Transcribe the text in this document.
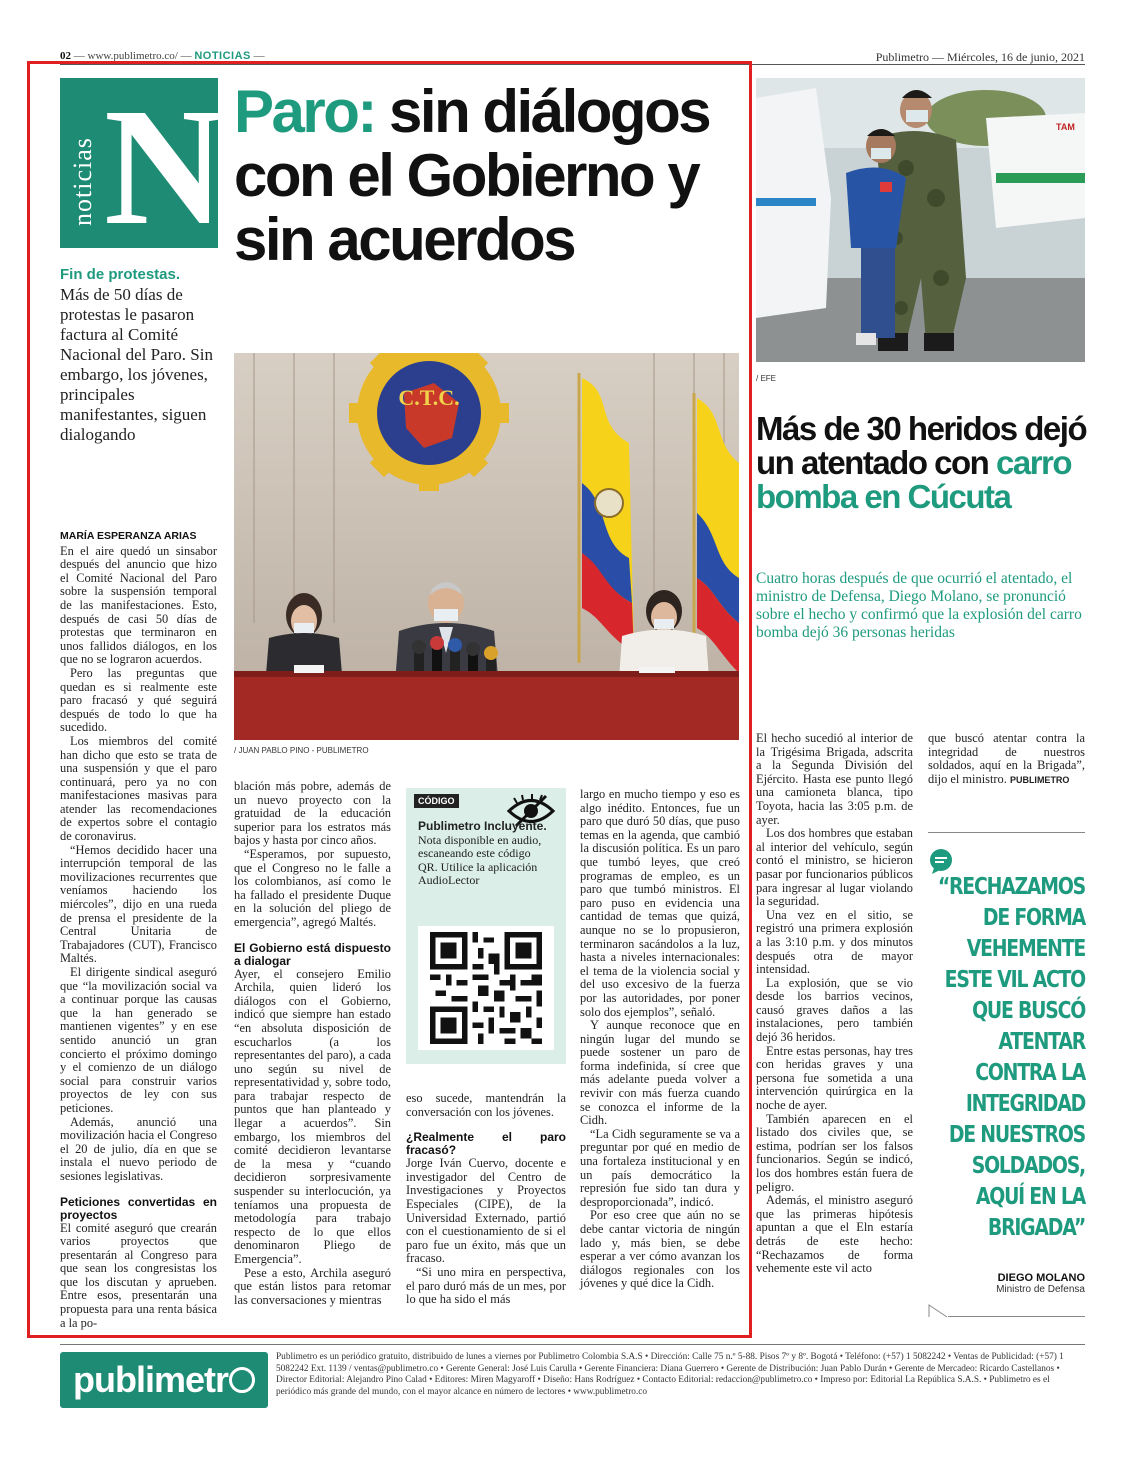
02 — www.publimetro.co/ — NOTICIAS —	Publimetro — Miércoles, 16 de junio, 2021
noticias N Paro: sin diálogos con el Gobierno y sin acuerdos
Fin de protestas.
Más de 50 días de protestas le pasaron factura al Comité Nacional del Paro. Sin embargo, los jóvenes, principales manifestantes, siguen dialogando
C.T.C.
/ JUAN PABLO PINO - PUBLIMETRO
MARÍA ESPERANZA ARIAS

En el aire quedó un sinsabor después del anuncio que hizo el Comité Nacional del Paro sobre la suspensión temporal de las manifestaciones. Esto, después de casi 50 días de protestas que terminaron en unos fallidos diálogos, en los que no se lograron acuerdos.

Pero las preguntas que quedan es si realmente este paro fracasó y qué seguirá después de todo lo que ha sucedido.

Los miembros del comité han dicho que esto se trata de una suspensión y que el paro continuará, pero ya no con manifestaciones masivas para atender las recomendaciones de expertos sobre el contagio de coronavirus.

“Hemos decidido hacer una interrupción temporal de las movilizaciones recurrentes que veníamos haciendo los miércoles”, dijo en una rueda de prensa el presidente de la Central Unitaria de Trabajadores (CUT), Francisco Maltés.

El dirigente sindical aseguró que “la movilización social va a continuar porque las causas que la han generado se mantienen vigentes” y en ese sentido anunció un gran concierto el próximo domingo y el comienzo de un diálogo social para construir varios proyectos de ley con sus peticiones.

Además, anunció una movilización hacia el Congreso el 20 de julio, día en que se instala el nuevo periodo de sesiones legislativas.

Peticiones convertidas en proyectos

El comité aseguró que crearán varios proyectos que presentarán al Congreso para que sean los congresistas los que los discutan y aprueben. Entre esos, presentarán una propuesta para una renta básica a la po-

blación más pobre, además de un nuevo proyecto con la gratuidad de la educación superior para los estratos más bajos y hasta por cinco años.

“Esperamos, por supuesto, que el Congreso no le falle a los colombianos, así como le ha fallado el presidente Duque en la solución del pliego de emergencia”, agregó Maltés.

El Gobierno está dispuesto a dialogar

Ayer, el consejero Emilio Archila, quien lideró los diálogos con el Gobierno, indicó que siempre han estado “en absoluta disposición de escucharlos (a los representantes del paro), a cada uno según su nivel de representatividad y, sobre todo, para trabajar respecto de puntos que han planteado y llegar a acuerdos”. Sin embargo, los miembros del comité decidieron levantarse de la mesa y “cuando decidieron sorpresivamente suspender su interlocución, ya teníamos una propuesta de metodología para trabajo respecto de lo que ellos denominaron Pliego de Emergencia”.

Pese a esto, Archila aseguró que están listos para retomar las conversaciones y mientras

CÓDIGO
Publimetro Incluyente. Nota disponible en audio, escaneando este código QR. Utilice la aplicación AudioLector

eso sucede, mantendrán la conversación con los jóvenes.

¿Realmente el paro fracasó?

Jorge Iván Cuervo, docente e investigador del Centro de Investigaciones y Proyectos Especiales (CIPE), de la Universidad Externado, partió con el cuestionamiento de si el paro fue un éxito, más que un fracaso.

“Si uno mira en perspectiva, el paro duró más de un mes, por lo que ha sido el más

largo en mucho tiempo y eso es algo inédito. Entonces, fue un paro que duró 50 días, que puso temas en la agenda, que cambió la discusión política. Es un paro que tumbó leyes, que creó programas de empleo, es un paro que tumbó ministros. El paro puso en evidencia una cantidad de temas que quizá, aunque no se lo propusieron, terminaron sacándolos a la luz, hasta a niveles internacionales: el tema de la violencia social y del uso excesivo de la fuerza por las autoridades, por poner solo dos ejemplos”, señaló.

Y aunque reconoce que en ningún lugar del mundo se puede sostener un paro de forma indefinida, sí cree que más adelante pueda volver a revivir con más fuerza cuando se conozca el informe de la Cidh.

“La Cidh seguramente se va a preguntar por qué en medio de una fortaleza institucional y en un país democrático la represión fue sido tan dura y desproporcionada”, indicó.

Por eso cree que aún no se debe cantar victoria de ningún lado y, más bien, se debe esperar a ver cómo avanzan los diálogos regionales con los jóvenes y qué dice la Cidh.

TAM
/ EFE
Más de 30 heridos dejó un atentado con carro bomba en Cúcuta
Cuatro horas después de que ocurrió el atentado, el ministro de Defensa, Diego Molano, se pronunció sobre el hecho y confirmó que la explosión del carro bomba dejó 36 personas heridas

El hecho sucedió al interior de la Trigésima Brigada, adscrita a la Segunda División del Ejército. Hasta ese punto llegó una camioneta blanca, tipo Toyota, hacia las 3:05 p.m. de ayer.

Los dos hombres que estaban al interior del vehículo, según contó el ministro, se hicieron pasar por funcionarios públicos para ingresar al lugar violando la seguridad.

Una vez en el sitio, se registró una primera explosión a las 3:10 p.m. y dos minutos después otra de mayor intensidad.

La explosión, que se vio desde los barrios vecinos, causó graves daños a las instalaciones, pero también dejó 36 heridos.

Entre estas personas, hay tres con heridas graves y una persona fue sometida a una intervención quirúrgica en la noche de ayer.

También aparecen en el listado dos civiles que, se estima, podrían ser los falsos funcionarios. Según se indicó, los dos hombres están fuera de peligro.

Además, el ministro aseguró que las primeras hipótesis apuntan a que el Eln estaría detrás de este hecho: “Rechazamos de forma vehemente este vil acto

que buscó atentar contra la integridad de nuestros soldados, aquí en la Brigada”, dijo el ministro. PUBLIMETRO

“RECHAZAMOS DE FORMA VEHEMENTE ESTE VIL ACTO QUE BUSCÓ ATENTAR CONTRA LA INTEGRIDAD DE NUESTROS SOLDADOS, AQUÍ EN LA BRIGADA”
DIEGO MOLANO
Ministro de Defensa
publimetr
Publimetro es un periódico gratuito, distribuido de lunes a viernes por Publimetro Colombia S.A.S • Dirección: Calle 75 n.º 5-88. Pisos 7º y 8º. Bogotá • Teléfono: (+57) 1 5082242 • Ventas de Publicidad: (+57) 1 5082242 Ext. 1139 / ventas@publimetro.co • Gerente General: José Luis Carulla • Gerente Financiera: Diana Guerrero • Gerente de Distribución: Juan Pablo Durán • Gerente de Mercadeo: Ricardo Castellanos • Director Editorial: Alejandro Pino Calad • Editores: Miren Magyaroff • Diseño: Hans Rodríguez • Contacto Editorial: redaccion@publimetro.co • Impreso por: Editorial La República S.A.S. • Publimetro es el periódico más grande del mundo, con el mayor alcance en número de lectores • www.publimetro.co
